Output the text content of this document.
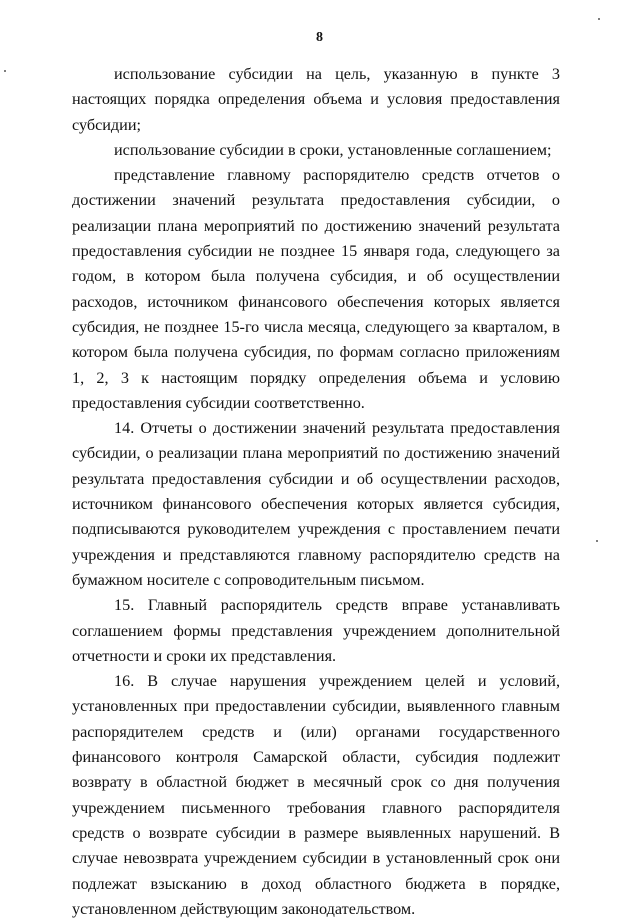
8

использование субсидии на цель, указанную в пункте 3 настоящих порядка определения объема и условия предоставления субсидии;

использование субсидии в сроки, установленные соглашением;

представление главному распорядителю средств отчетов о достижении значений результата предоставления субсидии, о реализации плана мероприятий по достижению значений результата предоставления субсидии не позднее 15 января года, следующего за годом, в котором была получена субсидия, и об осуществлении расходов, источником финансового обеспечения которых является субсидия, не позднее 15-го числа месяца, следующего за кварталом, в котором была получена субсидия, по формам согласно приложениям 1, 2, 3 к настоящим порядку определения объема и условию предоставления субсидии соответственно.

14. Отчеты о достижении значений результата предоставления субсидии, о реализации плана мероприятий по достижению значений результата предоставления субсидии и об осуществлении расходов, источником финансового обеспечения которых является субсидия, подписываются руководителем учреждения с проставлением печати учреждения и представляются главному распорядителю средств на бумажном носителе с сопроводительным письмом.

15. Главный распорядитель средств вправе устанавливать соглашением формы представления учреждением дополнительной отчетности и сроки их представления.

16. В случае нарушения учреждением целей и условий, установленных при предоставлении субсидии, выявленного главным распорядителем средств и (или) органами государственного финансового контроля Самарской области, субсидия подлежит возврату в областной бюджет в месячный срок со дня получения учреждением письменного требования главного распорядителя средств о возврате субсидии в размере выявленных нарушений. В случае невозврата учреждением субсидии в установленный срок они подлежат взысканию в доход областного бюджета в порядке, установленном действующим законодательством.
